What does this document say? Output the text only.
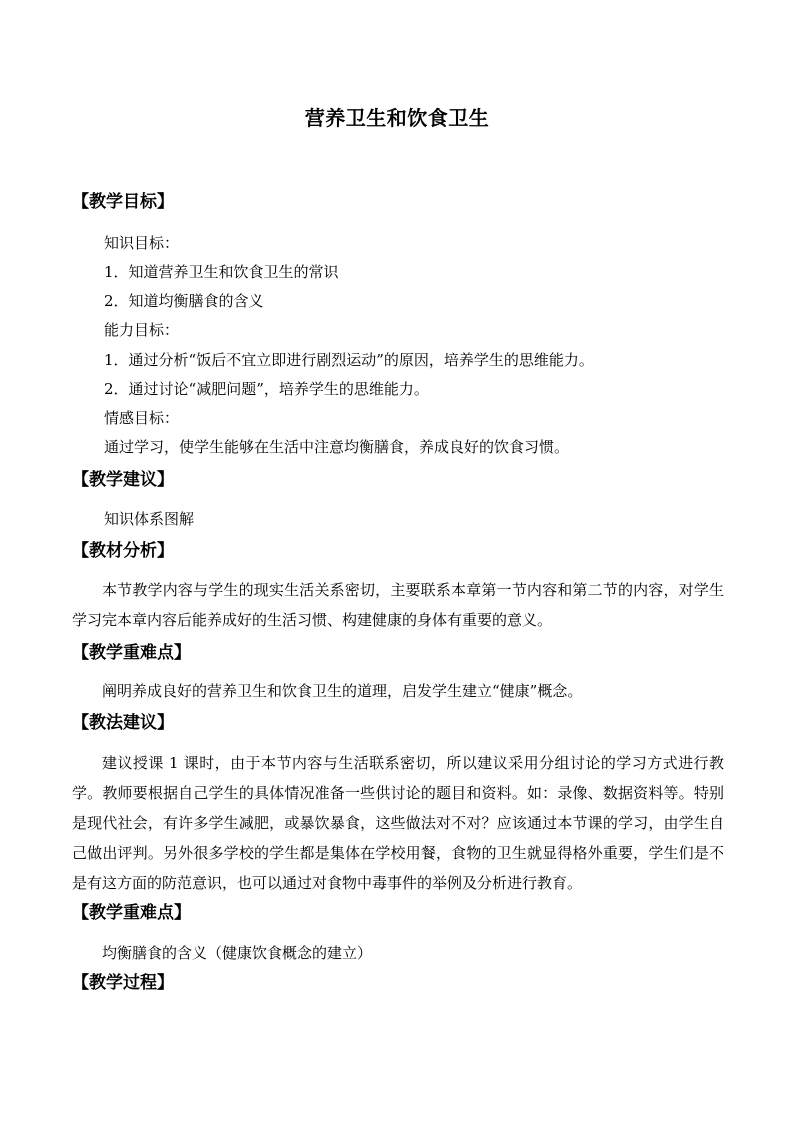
营养卫生和饮食卫生
【教学目标】
知识目标：
1．知道营养卫生和饮食卫生的常识
2．知道均衡膳食的含义
能力目标：
1．通过分析“饭后不宜立即进行剧烈运动”的原因，培养学生的思维能力。
2．通过讨论“减肥问题”，培养学生的思维能力。
情感目标：
通过学习，使学生能够在生活中注意均衡膳食，养成良好的饮食习惯。
【教学建议】
知识体系图解
【教材分析】
本节教学内容与学生的现实生活关系密切，主要联系本章第一节内容和第二节的内容，对学生学习完本章内容后能养成好的生活习惯、构建健康的身体有重要的意义。
【教学重难点】
阐明养成良好的营养卫生和饮食卫生的道理，启发学生建立“健康”概念。
【教法建议】
建议授课 1 课时，由于本节内容与生活联系密切，所以建议采用分组讨论的学习方式进行教学。教师要根据自己学生的具体情况准备一些供讨论的题目和资料。如：录像、数据资料等。特别是现代社会，有许多学生减肥，或暴饮暴食，这些做法对不对？应该通过本节课的学习，由学生自己做出评判。另外很多学校的学生都是集体在学校用餐，食物的卫生就显得格外重要，学生们是不是有这方面的防范意识，也可以通过对食物中毒事件的举例及分析进行教育。
【教学重难点】
均衡膳食的含义（健康饮食概念的建立）
【教学过程】
